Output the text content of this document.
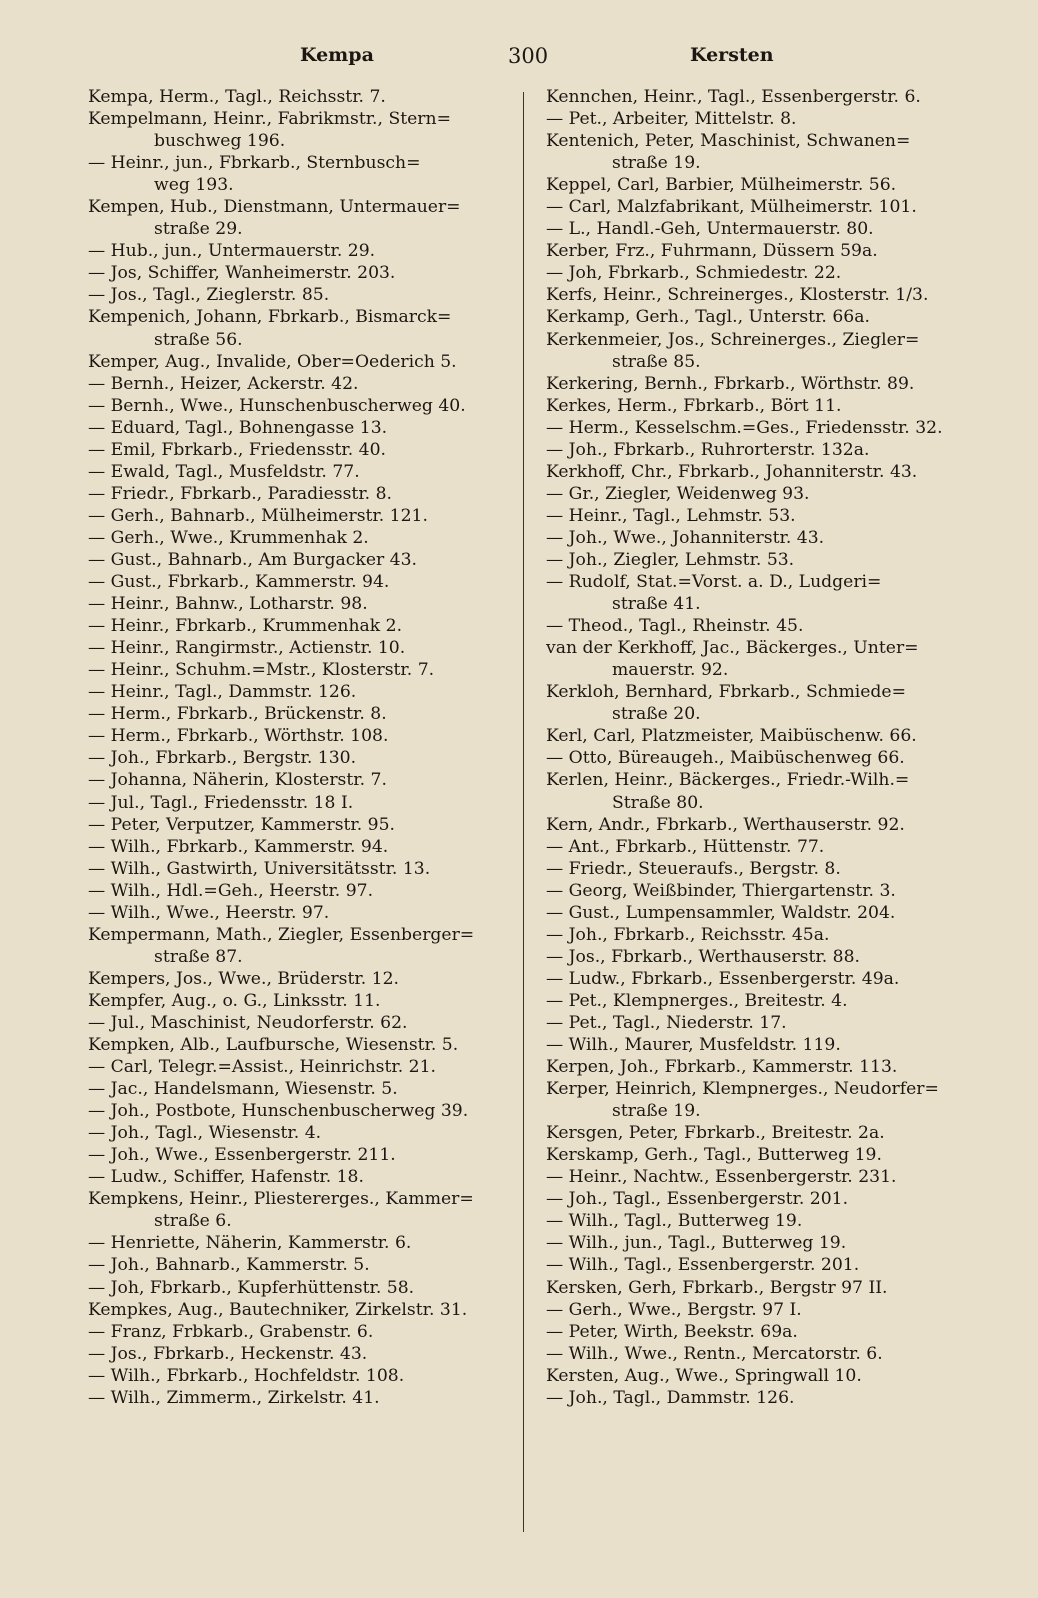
Kempa	300	Kersten
Kempa, Herm., Tagl., Reichsstr. 7.
Kempelmann, Heinr., Fabrikmstr., Stern=
buschweg 196.
— Heinr., jun., Fbrkarb., Sternbusch=
weg 193.
Kempen, Hub., Dienstmann, Untermauer=
straße 29.
— Hub., jun., Untermauerstr. 29.
— Jos, Schiffer, Wanheimerstr. 203.
— Jos., Tagl., Zieglerstr. 85.
Kempenich, Johann, Fbrkarb., Bismarck=
straße 56.
Kemper, Aug., Invalide, Ober=Oederich 5.
— Bernh., Heizer, Ackerstr. 42.
— Bernh., Wwe., Hunschenbuscherweg 40.
— Eduard, Tagl., Bohnengasse 13.
— Emil, Fbrkarb., Friedensstr. 40.
— Ewald, Tagl., Musfeldstr. 77.
— Friedr., Fbrkarb., Paradiesstr. 8.
— Gerh., Bahnarb., Mülheimerstr. 121.
— Gerh., Wwe., Krummenhak 2.
— Gust., Bahnarb., Am Burgacker 43.
— Gust., Fbrkarb., Kammerstr. 94.
— Heinr., Bahnw., Lotharstr. 98.
— Heinr., Fbrkarb., Krummenhak 2.
— Heinr., Rangirmstr., Actienstr. 10.
— Heinr., Schuhm.=Mstr., Klosterstr. 7.
— Heinr., Tagl., Dammstr. 126.
— Herm., Fbrkarb., Brückenstr. 8.
— Herm., Fbrkarb., Wörthstr. 108.
— Joh., Fbrkarb., Bergstr. 130.
— Johanna, Näherin, Klosterstr. 7.
— Jul., Tagl., Friedensstr. 18 I.
— Peter, Verputzer, Kammerstr. 95.
— Wilh., Fbrkarb., Kammerstr. 94.
— Wilh., Gastwirth, Universitätsstr. 13.
— Wilh., Hdl.=Geh., Heerstr. 97.
— Wilh., Wwe., Heerstr. 97.
Kempermann, Math., Ziegler, Essenberger=
straße 87.
Kempers, Jos., Wwe., Brüderstr. 12.
Kempfer, Aug., o. G., Linksstr. 11.
— Jul., Maschinist, Neudorferstr. 62.
Kempken, Alb., Laufbursche, Wiesenstr. 5.
— Carl, Telegr.=Assist., Heinrichstr. 21.
— Jac., Handelsmann, Wiesenstr. 5.
— Joh., Postbote, Hunschenbuscherweg 39.
— Joh., Tagl., Wiesenstr. 4.
— Joh., Wwe., Essenbergerstr. 211.
— Ludw., Schiffer, Hafenstr. 18.
Kempkens, Heinr., Pliestererges., Kammer=
straße 6.
— Henriette, Näherin, Kammerstr. 6.
— Joh., Bahnarb., Kammerstr. 5.
— Joh, Fbrkarb., Kupferhüttenstr. 58.
Kempkes, Aug., Bautechniker, Zirkelstr. 31.
— Franz, Frbkarb., Grabenstr. 6.
— Jos., Fbrkarb., Heckenstr. 43.
— Wilh., Fbrkarb., Hochfeldstr. 108.
— Wilh., Zimmerm., Zirkelstr. 41.
Kennchen, Heinr., Tagl., Essenbergerstr. 6.
— Pet., Arbeiter, Mittelstr. 8.
Kentenich, Peter, Maschinist, Schwanen=
straße 19.
Keppel, Carl, Barbier, Mülheimerstr. 56.
— Carl, Malzfabrikant, Mülheimerstr. 101.
— L., Handl.-Geh, Untermauerstr. 80.
Kerber, Frz., Fuhrmann, Düssern 59a.
— Joh, Fbrkarb., Schmiedestr. 22.
Kerfs, Heinr., Schreinerges., Klosterstr. 1/3.
Kerkamp, Gerh., Tagl., Unterstr. 66a.
Kerkenmeier, Jos., Schreinerges., Ziegler=
straße 85.
Kerkering, Bernh., Fbrkarb., Wörthstr. 89.
Kerkes, Herm., Fbrkarb., Bört 11.
— Herm., Kesselschm.=Ges., Friedensstr. 32.
— Joh., Fbrkarb., Ruhrorterstr. 132a.
Kerkhoff, Chr., Fbrkarb., Johanniterstr. 43.
— Gr., Ziegler, Weidenweg 93.
— Heinr., Tagl., Lehmstr. 53.
— Joh., Wwe., Johanniterstr. 43.
— Joh., Ziegler, Lehmstr. 53.
— Rudolf, Stat.=Vorst. a. D., Ludgeri=
straße 41.
— Theod., Tagl., Rheinstr. 45.
van der Kerkhoff, Jac., Bäckerges., Unter=
mauerstr. 92.
Kerkloh, Bernhard, Fbrkarb., Schmiede=
straße 20.
Kerl, Carl, Platzmeister, Maibüschenw. 66.
— Otto, Büreaugeh., Maibüschenweg 66.
Kerlen, Heinr., Bäckerges., Friedr.-Wilh.=
Straße 80.
Kern, Andr., Fbrkarb., Werthauserstr. 92.
— Ant., Fbrkarb., Hüttenstr. 77.
— Friedr., Steueraufs., Bergstr. 8.
— Georg, Weißbinder, Thiergartenstr. 3.
— Gust., Lumpensammler, Waldstr. 204.
— Joh., Fbrkarb., Reichsstr. 45a.
— Jos., Fbrkarb., Werthauserstr. 88.
— Ludw., Fbrkarb., Essenbergerstr. 49a.
— Pet., Klempnerges., Breitestr. 4.
— Pet., Tagl., Niederstr. 17.
— Wilh., Maurer, Musfeldstr. 119.
Kerpen, Joh., Fbrkarb., Kammerstr. 113.
Kerper, Heinrich, Klempnerges., Neudorfer=
straße 19.
Kersgen, Peter, Fbrkarb., Breitestr. 2a.
Kerskamp, Gerh., Tagl., Butterweg 19.
— Heinr., Nachtw., Essenbergerstr. 231.
— Joh., Tagl., Essenbergerstr. 201.
— Wilh., Tagl., Butterweg 19.
— Wilh., jun., Tagl., Butterweg 19.
— Wilh., Tagl., Essenbergerstr. 201.
Kersken, Gerh, Fbrkarb., Bergstr 97 II.
— Gerh., Wwe., Bergstr. 97 I.
— Peter, Wirth, Beekstr. 69a.
— Wilh., Wwe., Rentn., Mercatorstr. 6.
Kersten, Aug., Wwe., Springwall 10.
— Joh., Tagl., Dammstr. 126.
